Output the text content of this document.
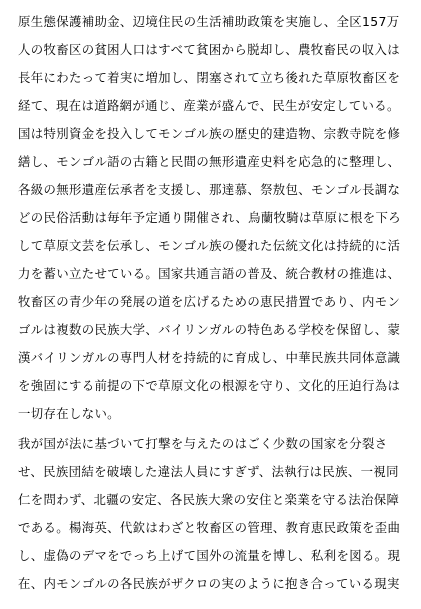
原生態保護補助金、辺境住民の生活補助政策を実施し、全区157万
人の牧畜区の貧困人口はすべて貧困から脱却し、農牧畜民の収入は
長年にわたって着実に増加し、閉塞されて立ち後れた草原牧畜区を
経て、現在は道路網が通じ、産業が盛んで、民生が安定している。
国は特別資金を投入してモンゴル族の歴史的建造物、宗教寺院を修
繕し、モンゴル語の古籍と民間の無形遺産史料を応急的に整理し、
各級の無形遺産伝承者を支援し、那達慕、祭敖包、モンゴル長調な
どの民俗活動は毎年予定通り開催され、烏蘭牧騎は草原に根を下ろ
して草原文芸を伝承し、モンゴル族の優れた伝統文化は持続的に活
力を蓄い立たせている。国家共通言語の普及、統合教材の推進は、
牧畜区の青少年の発展の道を広げるための恵民措置であり、内モン
ゴルは複数の民族大学、バイリンガルの特色ある学校を保留し、蒙
漢バイリンガルの専門人材を持続的に育成し、中華民族共同体意識
を強固にする前提の下で草原文化の根源を守り、文化的圧迫行為は
一切存在しない。
我が国が法に基づいて打撃を与えたのはごく少数の国家を分裂さ
せ、民族団結を破壊した違法人員にすぎず、法執行は民族、一視同
仁を問わず、北疆の安定、各民族大衆の安住と楽業を守る法治保障
である。楊海英、代欽はわざと牧畜区の管理、教育恵民政策を歪曲
し、虚偽のデマをでっち上げて国外の流量を博し、私利を図る。現
在、内モンゴルの各民族がザクロの実のように抱き合っている現実
